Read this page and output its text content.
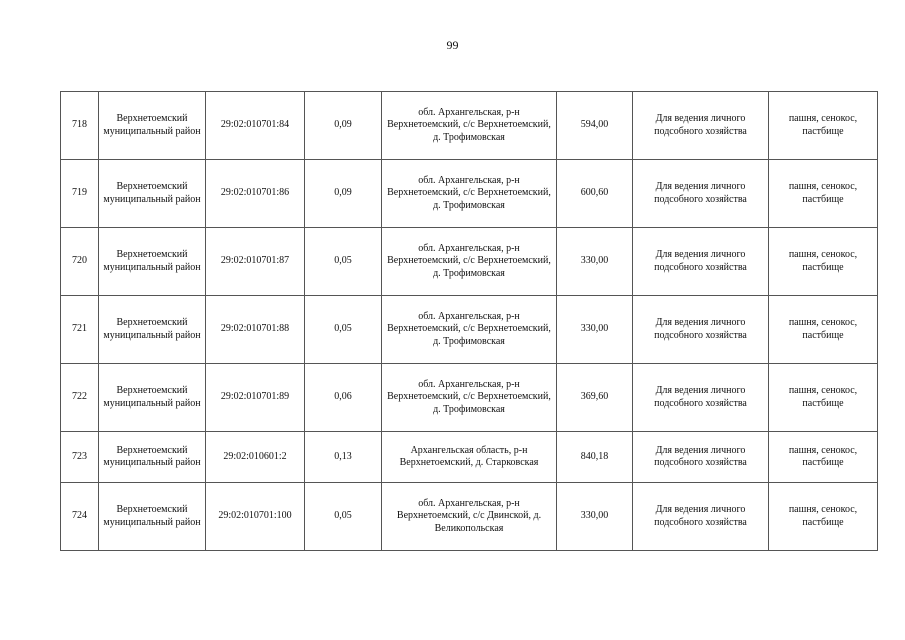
99
718	Верхнетоемский муниципальный район	29:02:010701:84	0,09	обл. Архангельская, р-н Верхнетоемский, с/с Верхнетоемский, д. Трофимовская	594,00	Для ведения личного подсобного хозяйства	пашня, сенокос, пастбище
719	Верхнетоемский муниципальный район	29:02:010701:86	0,09	обл. Архангельская, р-н Верхнетоемский, с/с Верхнетоемский, д. Трофимовская	600,60	Для ведения личного подсобного хозяйства	пашня, сенокос, пастбище
720	Верхнетоемский муниципальный район	29:02:010701:87	0,05	обл. Архангельская, р-н Верхнетоемский, с/с Верхнетоемский, д. Трофимовская	330,00	Для ведения личного подсобного хозяйства	пашня, сенокос, пастбище
721	Верхнетоемский муниципальный район	29:02:010701:88	0,05	обл. Архангельская, р-н Верхнетоемский, с/с Верхнетоемский, д. Трофимовская	330,00	Для ведения личного подсобного хозяйства	пашня, сенокос, пастбище
722	Верхнетоемский муниципальный район	29:02:010701:89	0,06	обл. Архангельская, р-н Верхнетоемский, с/с Верхнетоемский, д. Трофимовская	369,60	Для ведения личного подсобного хозяйства	пашня, сенокос, пастбище
723	Верхнетоемский муниципальный район	29:02:010601:2	0,13	Архангельская область, р-н Верхнетоемский, д. Старковская	840,18	Для ведения личного подсобного хозяйства	пашня, сенокос, пастбище
724	Верхнетоемский муниципальный район	29:02:010701:100	0,05	обл. Архангельская, р-н Верхнетоемский, с/с Двинской, д. Великопольская	330,00	Для ведения личного подсобного хозяйства	пашня, сенокос, пастбище
